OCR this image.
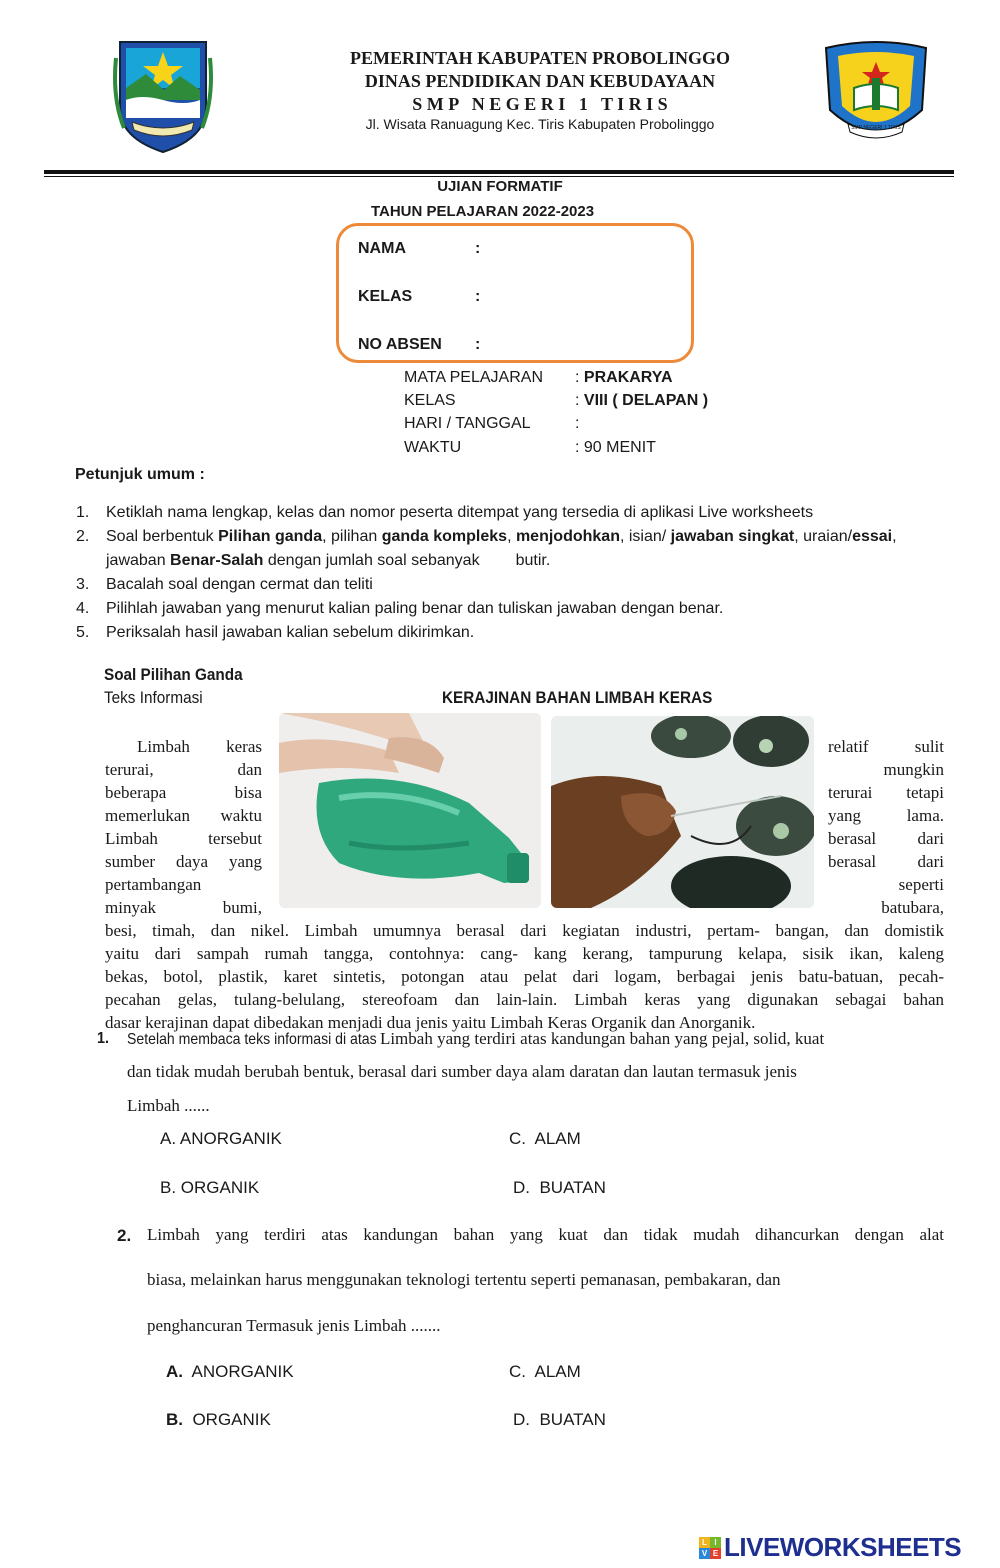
PEMERINTAH KABUPATEN PROBOLINGGO
DINAS PENDIDIKAN DAN KEBUDAYAAN
S M P   N E G E R I   1   T I R I S
Jl. Wisata Ranuagung Kec. Tiris Kabupaten Probolinggo	SMP NEGERI 1 TIRIS
UJIAN FORMATIF
TAHUN PELAJARAN 2022-2023
NAMA	:
KELAS	:
NO ABSEN :
MATA PELAJARAN : PRAKARYA
KELAS	: VIII ( DELAPAN )
HARI / TANGGAL	:
WAKTU	: 90 MENIT
Petunjuk umum :
1. Ketiklah nama lengkap, kelas dan nomor peserta ditempat yang tersedia di aplikasi Live worksheets
2. Soal berbentuk Pilihan ganda, pilihan ganda kompleks, menjodohkan, isian/ jawaban singkat, uraian/essai,
jawaban Benar-Salah dengan jumlah soal sebanyak butir.
3. Bacalah soal dengan cermat dan teliti
4. Pilihlah jawaban yang menurut kalian paling benar dan tuliskan jawaban dengan benar.
5. Periksalah hasil jawaban kalian sebelum dikirimkan.
Soal Pilihan Ganda
Teks Informasi	KERAJINAN BAHAN LIMBAH KERAS
Limbah keras
terurai, dan
beberapa bisa
memerlukan waktu
Limbah tersebut
sumber daya yang
pertambangan
minyak bumi,
relatif sulit
mungkin
terurai tetapi
yang lama.
berasal dari
berasal dari
seperti
batubara,
besi, timah, dan nikel. Limbah umumnya berasal dari kegiatan industri, pertam- bangan, dan domistik
yaitu dari sampah rumah tangga, contohnya: cang- kang kerang, tampurung kelapa, sisik ikan, kaleng
bekas, botol, plastik, karet sintetis, potongan atau pelat dari logam, berbagai jenis batu-batuan, pecah-
pecahan gelas, tulang-belulang, stereofoam dan lain-lain. Limbah keras yang digunakan sebagai bahan
dasar kerajinan dapat dibedakan menjadi dua jenis yaitu Limbah Keras Organik dan Anorganik.
1. Setelah membaca teks informasi di atas Limbah yang terdiri atas kandungan bahan yang pejal, solid, kuat
dan tidak mudah berubah bentuk, berasal dari sumber daya alam daratan dan lautan termasuk jenis
Limbah ......
A. ANORGANIK
B. ORGANIK
C. ALAM
D. BUATAN
2. Limbah yang terdiri atas kandungan bahan yang kuat dan tidak mudah dihancurkan dengan alat
biasa, melainkan harus menggunakan teknologi tertentu seperti pemanasan, pembakaran, dan
penghancuran Termasuk jenis Limbah .......
A. ANORGANIK
B. ORGANIK
C. ALAM
D. BUATAN
L I
V E LIVEWORKSHEETS
